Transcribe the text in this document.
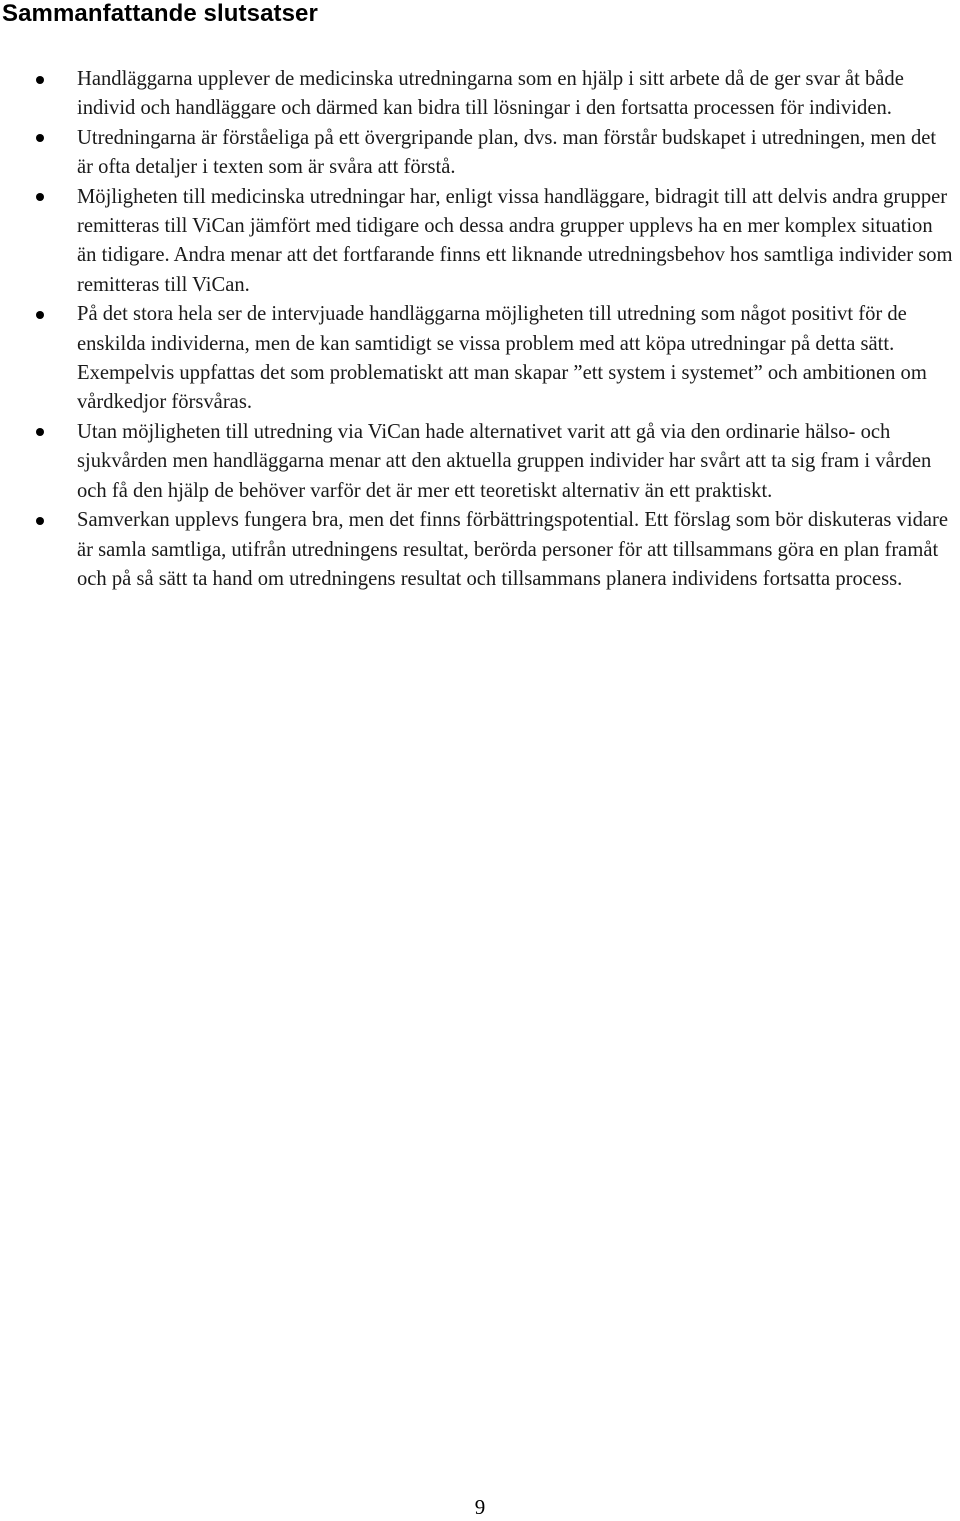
Sammanfattande slutsatser
Handläggarna upplever de medicinska utredningarna som en hjälp i sitt arbete då de ger svar åt både individ och handläggare och därmed kan bidra till lösningar i den fortsatta processen för individen.
Utredningarna är förståeliga på ett övergripande plan, dvs. man förstår budskapet i utredningen, men det är ofta detaljer i texten som är svåra att förstå.
Möjligheten till medicinska utredningar har, enligt vissa handläggare, bidragit till att delvis andra grupper remitteras till ViCan jämfört med tidigare och dessa andra grupper upplevs ha en mer komplex situation än tidigare. Andra menar att det fortfarande finns ett liknande utredningsbehov hos samtliga individer som remitteras till ViCan.
På det stora hela ser de intervjuade handläggarna möjligheten till utredning som något positivt för de enskilda individerna, men de kan samtidigt se vissa problem med att köpa utredningar på detta sätt. Exempelvis uppfattas det som problematiskt att man skapar ”ett system i systemet” och ambitionen om vårdkedjor försvåras.
Utan möjligheten till utredning via ViCan hade alternativet varit att gå via den ordinarie hälso- och sjukvården men handläggarna menar att den aktuella gruppen individer har svårt att ta sig fram i vården och få den hjälp de behöver varför det är mer ett teoretiskt alternativ än ett praktiskt.
Samverkan upplevs fungera bra, men det finns förbättringspotential. Ett förslag som bör diskuteras vidare är samla samtliga, utifrån utredningens resultat, berörda personer för att tillsammans göra en plan framåt och på så sätt ta hand om utredningens resultat och tillsammans planera individens fortsatta process.

9
